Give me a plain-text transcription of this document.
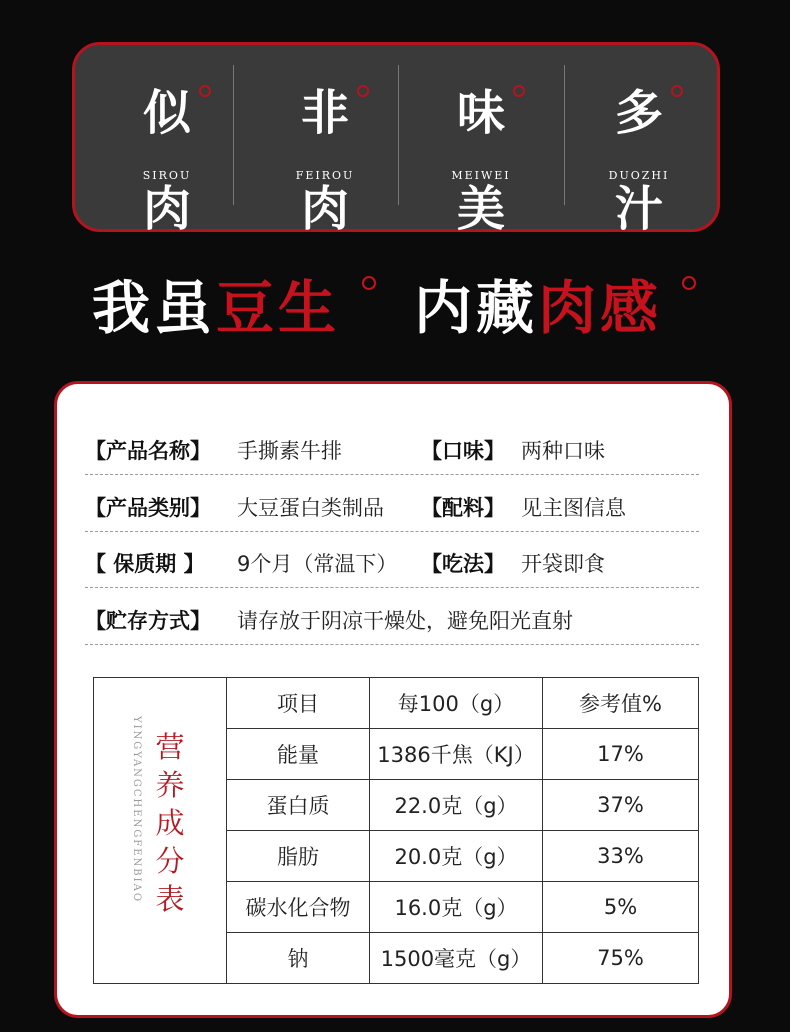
似
SIROU
肉
非
FEIROU
肉
味
MEIWEI
美
多
DUOZHI
汁
我虽豆生 内藏肉感
【产品名称】 手撕素牛排	【口味】 两种口味
【产品类别】 大豆蛋白类制品 【配料】 见主图信息
【 保质期 】 9个月（常温下） 【吃法】 开袋即食
【贮存方式】 请存放于阴凉干燥处，避免阳光直射
YINGYANGCHENGFENBIAO 营养成分表	项目	每100（g）	参考值%
	能量	1386千焦（KJ）	17%
	蛋白质	22.0克（g）	37%
	脂肪	20.0克（g）	33%
	碳水化合物	16.0克（g）	5%
	钠	1500毫克（g）	75%
